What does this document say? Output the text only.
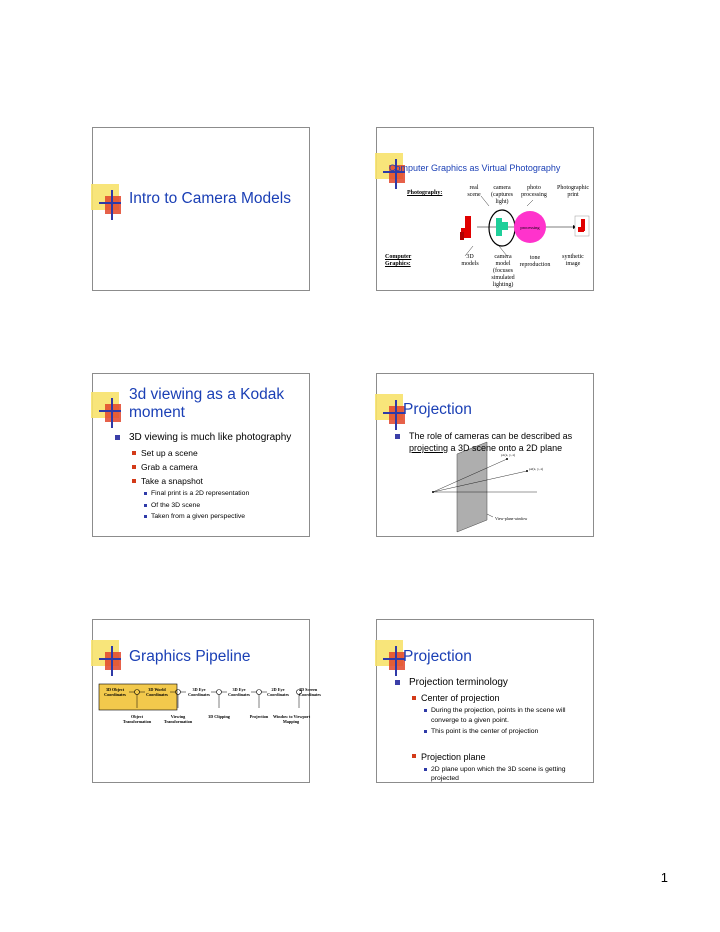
Intro to Camera Models
Computer Graphics as Virtual Photography
Photography:
real
scene
camera
(captures
light)
photo
processing
Photographic
print
processing
Computer
Graphics:
3D
models
camera
model
(focuses
simulated
lighting)
tone
reproduction
synthetic
image
3d viewing as a Kodak moment
3D viewing is much like photography
Set up a scene
Grab a camera
Take a snapshot
Final print is a 2D representation
Of the 3D scene
Taken from a given perspective
Projection
The role of cameras can be described as projecting a 3D scene onto a 2D plane
p1(x, y, z)
p2(x, y, z)
View-plane window
Graphics Pipeline
3D Object
Coordinates
3D World
Coordinates
3D Eye
Coordinates
3D Eye
Coordinates
2D Eye
Coordinates
2D Screen
Coordinates
Object
Transformation
Viewing
Transformation
3D Clipping	Projection	Window to Viewport
Mapping
Projection
Projection terminology
Center of projection
During the projection, points in the scene will converge to a given point.
This point is the center of projection
Projection plane
2D plane upon which the 3D scene is getting projected
1
